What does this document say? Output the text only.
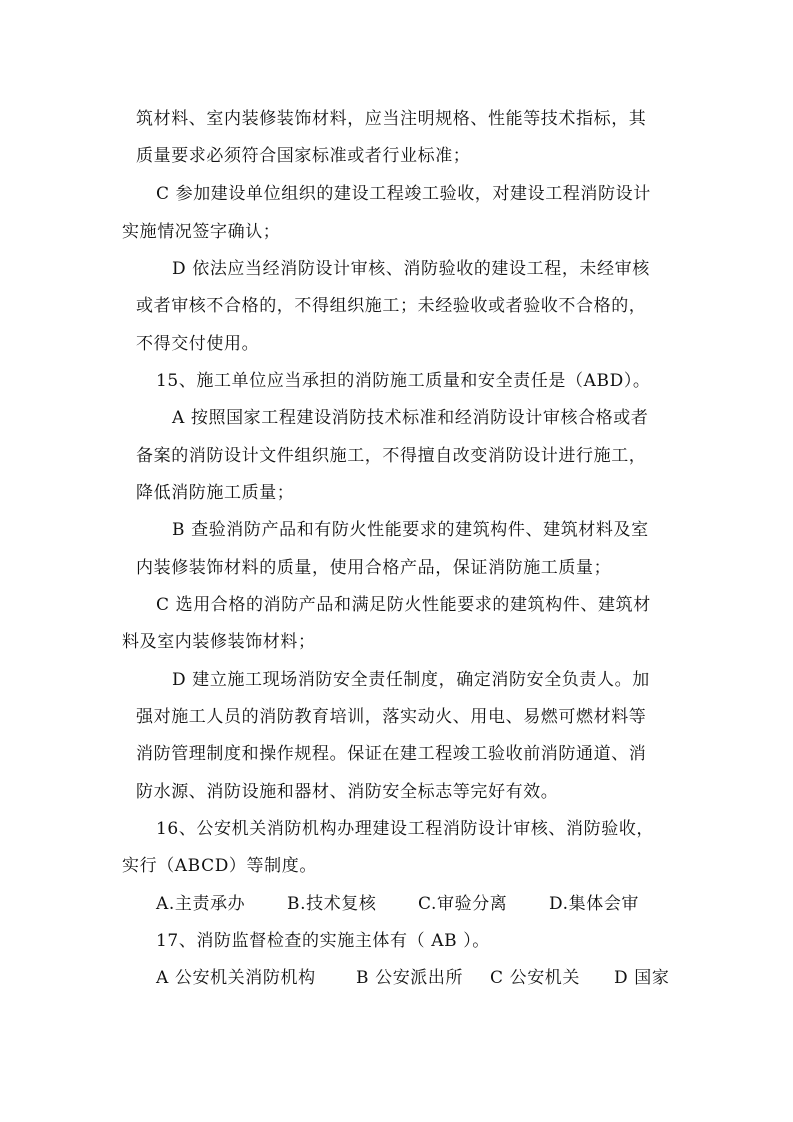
筑材料、室内装修装饰材料，应当注明规格、性能等技术指标，其
质量要求必须符合国家标准或者行业标准；
C 参加建设单位组织的建设工程竣工验收，对建设工程消防设计
实施情况签字确认；
D 依法应当经消防设计审核、消防验收的建设工程，未经审核
或者审核不合格的，不得组织施工；未经验收或者验收不合格的，
不得交付使用。
15、施工单位应当承担的消防施工质量和安全责任是（ABD）。
A 按照国家工程建设消防技术标准和经消防设计审核合格或者
备案的消防设计文件组织施工，不得擅自改变消防设计进行施工，
降低消防施工质量；
B 查验消防产品和有防火性能要求的建筑构件、建筑材料及室
内装修装饰材料的质量，使用合格产品，保证消防施工质量；
C 选用合格的消防产品和满足防火性能要求的建筑构件、建筑材
料及室内装修装饰材料；
D 建立施工现场消防安全责任制度，确定消防安全负责人。加
强对施工人员的消防教育培训，落实动火、用电、易燃可燃材料等
消防管理制度和操作规程。保证在建工程竣工验收前消防通道、消
防水源、消防设施和器材、消防安全标志等完好有效。
16、公安机关消防机构办理建设工程消防设计审核、消防验收，
实行（ABCD）等制度。
A.主责承办 B.技术复核 C.审验分离 D.集体会审
17、消防监督检查的实施主体有（ AB ）。
A 公安机关消防机构 B 公安派出所 C 公安机关 D 国家
